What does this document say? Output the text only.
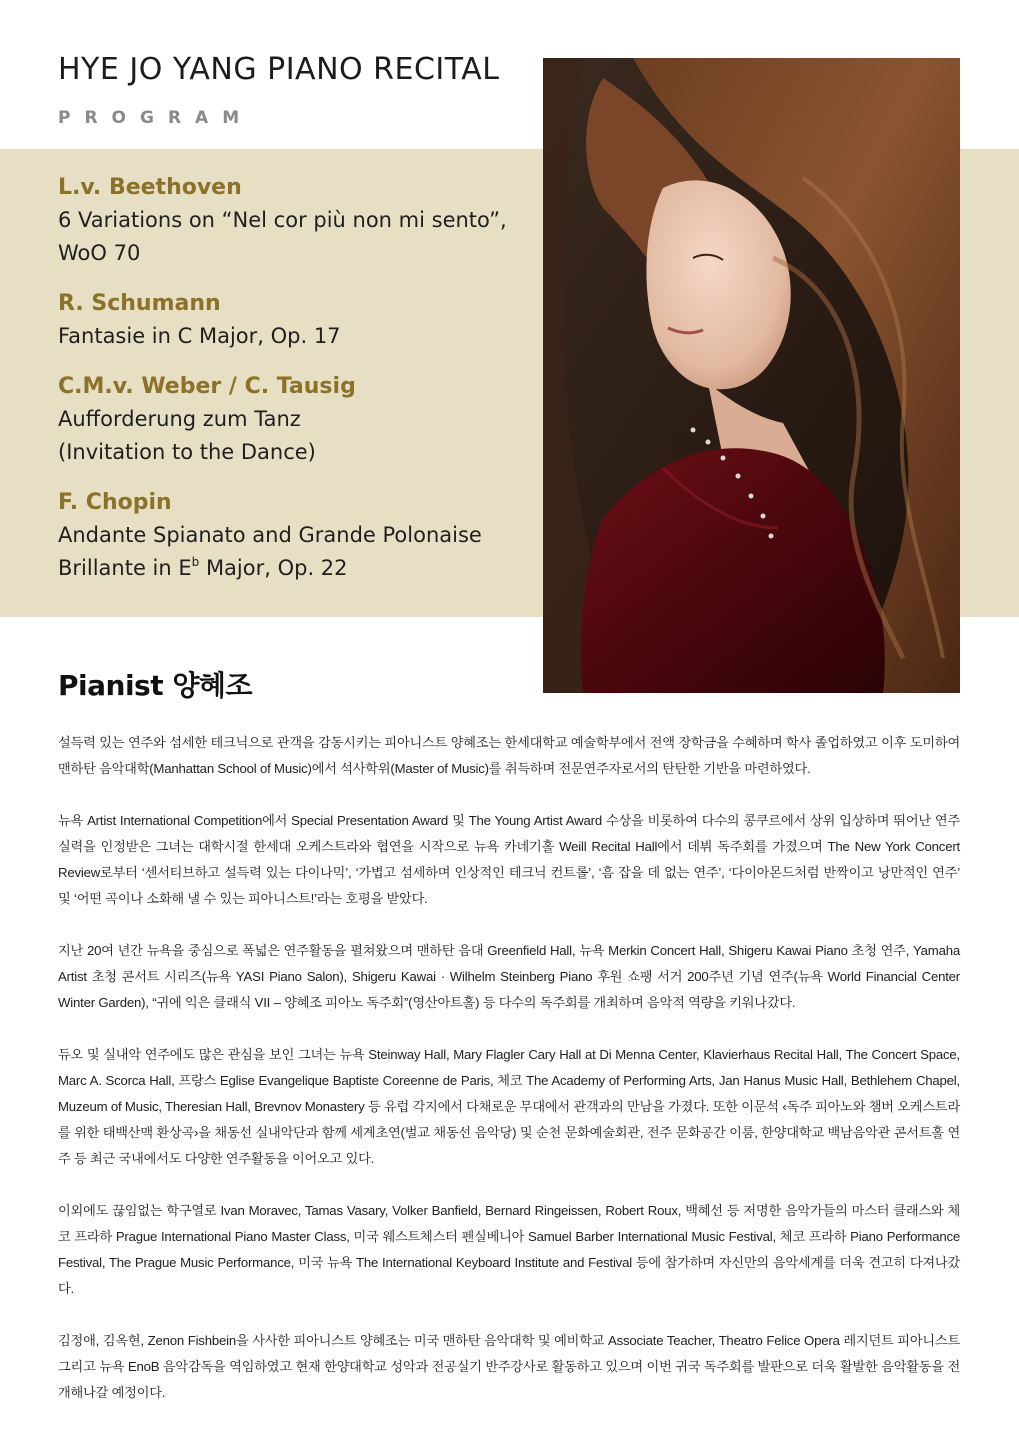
HYE JO YANG PIANO RECITAL
PROGRAM
L.v. Beethoven
6 Variations on “Nel cor più non mi sento”,
WoO 70
R. Schumann
Fantasie in C Major, Op. 17
C.M.v. Weber / C. Tausig
Aufforderung zum Tanz
(Invitation to the Dance)
F. Chopin
Andante Spianato and Grande Polonaise
Brillante in $E^b$ Major, Op. 22
Pianist 양혜조

설득력 있는 연주와 섬세한 테크닉으로 관객을 감동시키는 피아니스트 양혜조는 한세대학교 예술학부에서 전액 장학금을 수혜하며 학사 졸업하였고 이후 도미하여 맨하탄 음악대학(Manhattan School of Music)에서 석사학위(Master of Music)를 취득하며 전문연주자로서의 탄탄한 기반을 마련하였다.

뉴욕 Artist International Competition에서 Special Presentation Award 및 The Young Artist Award 수상을 비롯하여 다수의 콩쿠르에서 상위 입상하며 뛰어난 연주 실력을 인정받은 그녀는 대학시절 한세대 오케스트라와 협연을 시작으로 뉴욕 카네기홀 Weill Recital Hall에서 데뷔 독주회를 가졌으며 The New York Concert Review로부터 ‘센서티브하고 설득력 있는 다이나믹’, ‘가볍고 섬세하며 인상적인 테크닉 컨트롤’, ‘흠 잡을 데 없는 연주’, ‘다이아몬드처럼 반짝이고 낭만적인 연주’ 및 ‘어떤 곡이나 소화해 낼 수 있는 피아니스트!’라는 호평을 받았다.

지난 20여 년간 뉴욕을 중심으로 폭넓은 연주활동을 펼쳐왔으며 맨하탄 음대 Greenfield Hall, 뉴욕 Merkin Concert Hall, Shigeru Kawai Piano 초청 연주, Yamaha Artist 초청 콘서트 시리즈(뉴욕 YASI Piano Salon), Shigeru Kawai · Wilhelm Steinberg Piano 후원 쇼팽 서거 200주년 기념 연주(뉴욕 World Financial Center Winter Garden), “귀에 익은 클래식 VII – 양혜조 피아노 독주회”(영산아트홀) 등 다수의 독주회를 개최하며 음악적 역량을 키워나갔다.

듀오 및 실내악 연주에도 많은 관심을 보인 그녀는 뉴욕 Steinway Hall, Mary Flagler Cary Hall at Di Menna Center, Klavierhaus Recital Hall, The Concert Space, Marc A. Scorca Hall, 프랑스 Eglise Evangelique Baptiste Coreenne de Paris, 체코 The Academy of Performing Arts, Jan Hanus Music Hall, Bethlehem Chapel, Muzeum of Music, Theresian Hall, Brevnov Monastery 등 유럽 각지에서 다채로운 무대에서 관객과의 만남을 가졌다. 또한 이문석 ‹독주 피아노와 챔버 오케스트라를 위한 태백산맥 환상곡›을 채동선 실내악단과 함께 세계초연(벌교 채동선 음악당) 및 순천 문화예술회관, 전주 문화공간 이룸, 한양대학교 백남음악관 콘서트홀 연주 등 최근 국내에서도 다양한 연주활동을 이어오고 있다.

이외에도 끊임없는 학구열로 Ivan Moravec, Tamas Vasary, Volker Banfield, Bernard Ringeissen, Robert Roux, 백혜선 등 저명한 음악가들의 마스터 클래스와 체코 프라하 Prague International Piano Master Class, 미국 웨스트체스터 펜실베니아 Samuel Barber International Music Festival, 체코 프라하 Piano Performance Festival, The Prague Music Performance, 미국 뉴욕 The International Keyboard Institute and Festival 등에 참가하며 자신만의 음악세계를 더욱 견고히 다져나갔다.

김정애, 김옥현, Zenon Fishbein을 사사한 피아니스트 양혜조는 미국 맨하탄 음악대학 및 예비학교 Associate Teacher, Theatro Felice Opera 레지던트 피아니스트 그리고 뉴욕 EnoB 음악감독을 역임하였고 현재 한양대학교 성악과 전공실기 반주강사로 활동하고 있으며 이번 귀국 독주회를 발판으로 더욱 활발한 음악활동을 전개해나갈 예정이다.
